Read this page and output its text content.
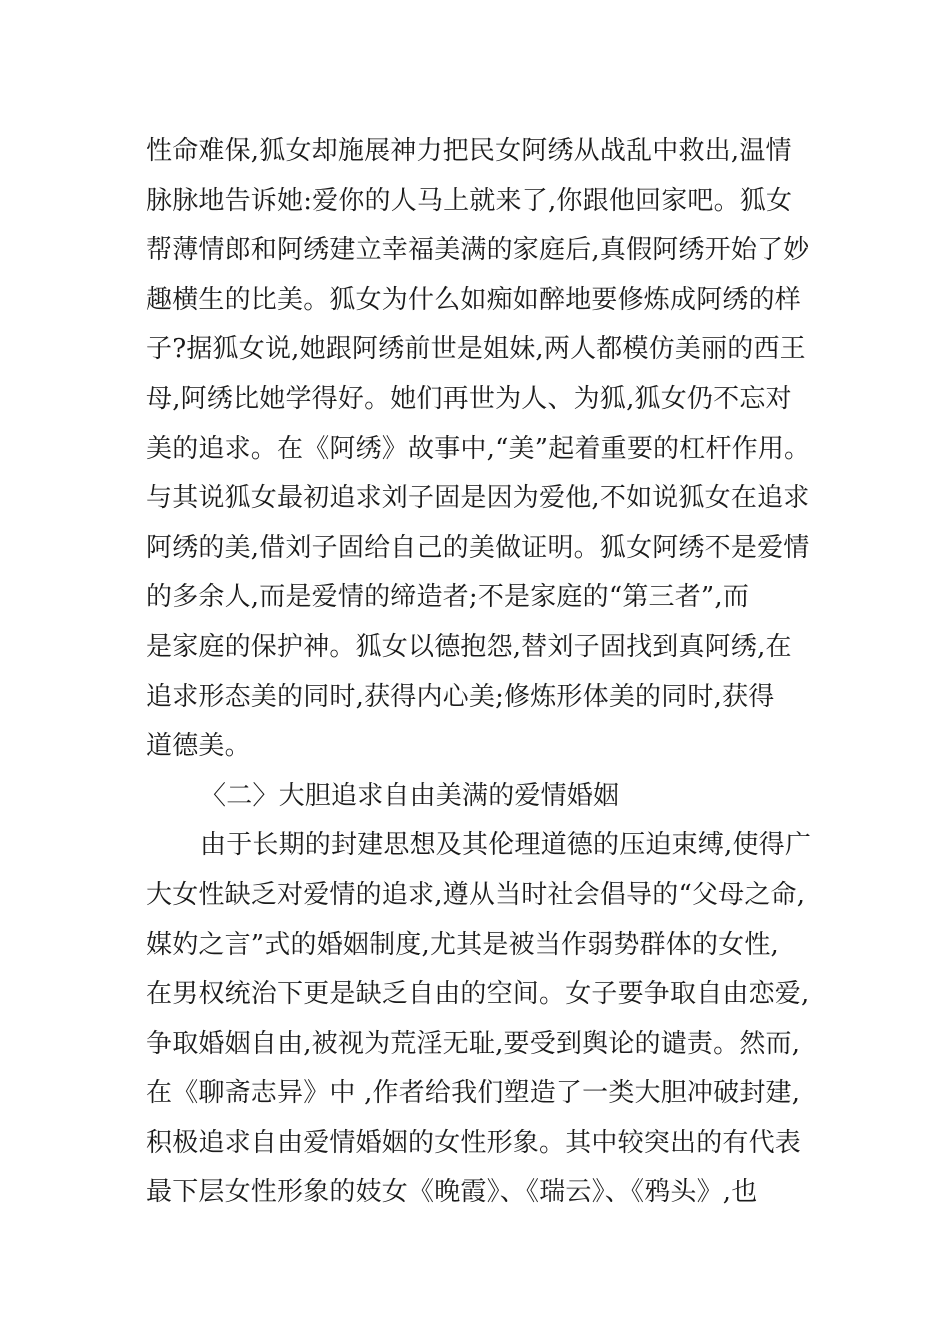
性命难保,狐女却施展神力把民女阿绣从战乱中救出,温情
脉脉地告诉她:爱你的人马上就来了,你跟他回家吧。狐女
帮薄情郎和阿绣建立幸福美满的家庭后,真假阿绣开始了妙
趣横生的比美。狐女为什么如痴如醉地要修炼成阿绣的样
子?据狐女说,她跟阿绣前世是姐妹,两人都模仿美丽的西王
母,阿绣比她学得好。她们再世为人、为狐,狐女仍不忘对
美的追求。在《阿绣》故事中,“美”起着重要的杠杆作用。
与其说狐女最初追求刘子固是因为爱他,不如说狐女在追求
阿绣的美,借刘子固给自己的美做证明。狐女阿绣不是爱情
的多余人,而是爱情的缔造者;不是家庭的“第三者”,而
是家庭的保护神。狐女以德抱怨,替刘子固找到真阿绣,在
追求形态美的同时,获得内心美;修炼形体美的同时,获得
道德美。
〈二〉大胆追求自由美满的爱情婚姻
由于长期的封建思想及其伦理道德的压迫束缚,使得广
大女性缺乏对爱情的追求,遵从当时社会倡导的“父母之命,
媒妁之言”式的婚姻制度,尤其是被当作弱势群体的女性,
在男权统治下更是缺乏自由的空间。女子要争取自由恋爱,
争取婚姻自由,被视为荒淫无耻,要受到舆论的谴责。然而,
在《聊斋志异》中 ,作者给我们塑造了一类大胆冲破封建,
积极追求自由爱情婚姻的女性形象。其中较突出的有代表
最下层女性形象的妓女《晚霞》、《瑞云》、《鸦头》,也
